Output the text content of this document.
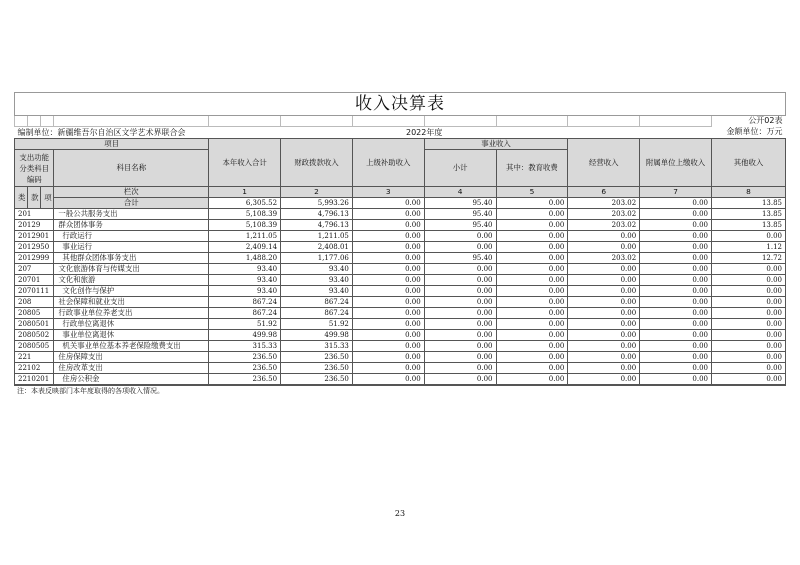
收入决算表											
											公开02表
编制单位：新疆维吾尔自治区文学艺术界联合会						2022年度					金额单位：万元
项目				本年收入合计	财政拨款收入	上级补助收入	事业收入		经营收入	附属单位上缴收入	其他收入
支出功能分类科目编码			科目名称				小计	其中：教育收费			

类	款	项	栏次	1	2	3	4	5	6	7	8
			合计	6,305.52	5,993.26	0.00	95.40	0.00	203.02	0.00	13.85
201			一般公共服务支出	5,108.39	4,796.13	0.00	95.40	0.00	203.02	0.00	13.85
20129			群众团体事务	5,108.39	4,796.13	0.00	95.40	0.00	203.02	0.00	13.85
2012901			行政运行	1,211.05	1,211.05	0.00	0.00	0.00	0.00	0.00	0.00
2012950			事业运行	2,409.14	2,408.01	0.00	0.00	0.00	0.00	0.00	1.12
2012999			其他群众团体事务支出	1,488.20	1,177.06	0.00	95.40	0.00	203.02	0.00	12.72
207			文化旅游体育与传媒支出	93.40	93.40	0.00	0.00	0.00	0.00	0.00	0.00
20701			文化和旅游	93.40	93.40	0.00	0.00	0.00	0.00	0.00	0.00
2070111			文化创作与保护	93.40	93.40	0.00	0.00	0.00	0.00	0.00	0.00
208			社会保障和就业支出	867.24	867.24	0.00	0.00	0.00	0.00	0.00	0.00
20805			行政事业单位养老支出	867.24	867.24	0.00	0.00	0.00	0.00	0.00	0.00
2080501			行政单位离退休	51.92	51.92	0.00	0.00	0.00	0.00	0.00	0.00
2080502			事业单位离退休	499.98	499.98	0.00	0.00	0.00	0.00	0.00	0.00
2080505			机关事业单位基本养老保险缴费支出	315.33	315.33	0.00	0.00	0.00	0.00	0.00	0.00
221			住房保障支出	236.50	236.50	0.00	0.00	0.00	0.00	0.00	0.00
22102			住房改革支出	236.50	236.50	0.00	0.00	0.00	0.00	0.00	0.00
2210201			住房公积金	236.50	236.50	0.00	0.00	0.00	0.00	0.00	0.00
注：本表反映部门本年度取得的各项收入情况。
23
